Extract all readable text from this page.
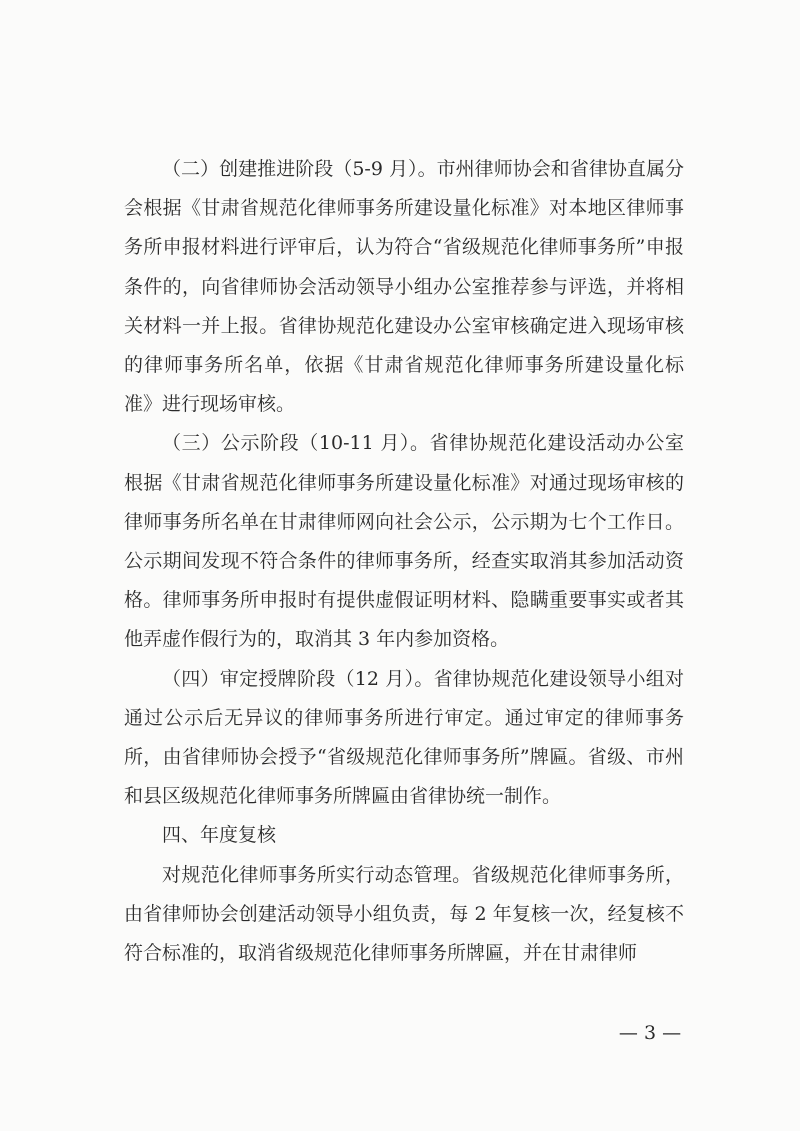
（二）创建推进阶段（5-9 月）。市州律师协会和省律协直属分会根据《甘肃省规范化律师事务所建设量化标准》对本地区律师事务所申报材料进行评审后，认为符合“省级规范化律师事务所”申报条件的，向省律师协会活动领导小组办公室推荐参与评选，并将相关材料一并上报。省律协规范化建设办公室审核确定进入现场审核的律师事务所名单，依据《甘肃省规范化律师事务所建设量化标准》进行现场审核。

（三）公示阶段（10-11 月）。省律协规范化建设活动办公室根据《甘肃省规范化律师事务所建设量化标准》对通过现场审核的律师事务所名单在甘肃律师网向社会公示，公示期为七个工作日。公示期间发现不符合条件的律师事务所，经查实取消其参加活动资格。律师事务所申报时有提供虚假证明材料、隐瞒重要事实或者其他弄虚作假行为的，取消其 3 年内参加资格。

（四）审定授牌阶段（12 月）。省律协规范化建设领导小组对通过公示后无异议的律师事务所进行审定。通过审定的律师事务所，由省律师协会授予“省级规范化律师事务所”牌匾。省级、市州和县区级规范化律师事务所牌匾由省律协统一制作。

四、年度复核

对规范化律师事务所实行动态管理。省级规范化律师事务所，由省律师协会创建活动领导小组负责，每 2 年复核一次，经复核不符合标准的，取消省级规范化律师事务所牌匾，并在甘肃律师

— 3 —
